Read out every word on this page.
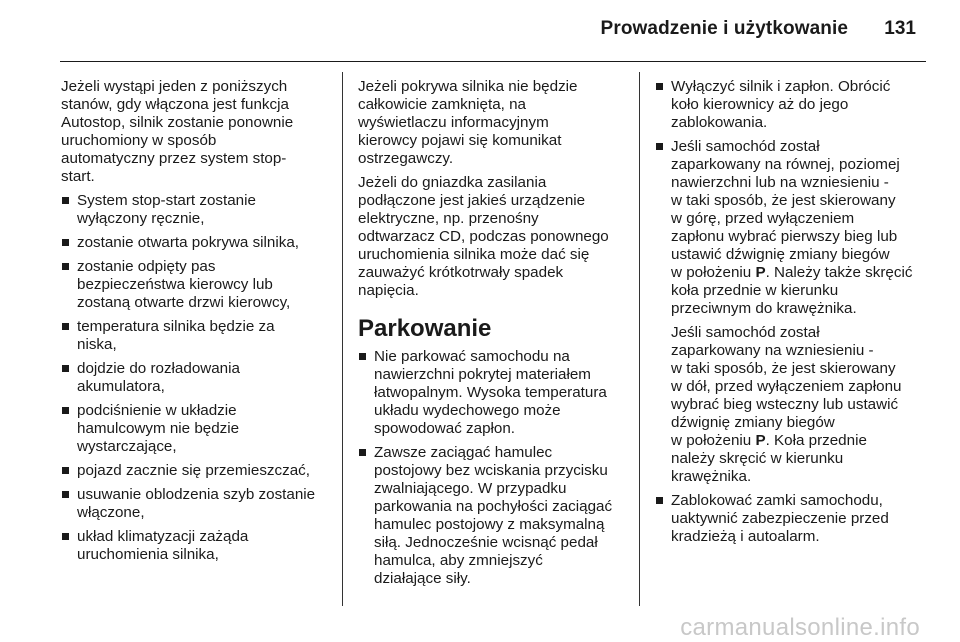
Prowadzenie i użytkowanie 131

Jeżeli wystąpi jeden z poniższych
stanów, gdy włączona jest funkcja
Autostop, silnik zostanie ponownie
uruchomiony w sposób
automatyczny przez system stop-
start.

System stop-start zostanie
wyłączony ręcznie,
zostanie otwarta pokrywa silnika,
zostanie odpięty pas
bezpieczeństwa kierowcy lub
zostaną otwarte drzwi kierowcy,
temperatura silnika będzie za
niska,
dojdzie do rozładowania
akumulatora,
podciśnienie w układzie
hamulcowym nie będzie
wystarczające,
pojazd zacznie się przemieszczać,
usuwanie oblodzenia szyb zostanie
włączone,
układ klimatyzacji zażąda
uruchomienia silnika,

Jeżeli pokrywa silnika nie będzie
całkowicie zamknięta, na
wyświetlaczu informacyjnym
kierowcy pojawi się komunikat
ostrzegawczy.

Jeżeli do gniazdka zasilania
podłączone jest jakieś urządzenie
elektryczne, np. przenośny
odtwarzacz CD, podczas ponownego
uruchomienia silnika może dać się
zauważyć krótkotrwały spadek
napięcia.

Parkowanie
Nie parkować samochodu na
nawierzchni pokrytej materiałem
łatwopalnym. Wysoka temperatura
układu wydechowego może
spowodować zapłon.
Zawsze zaciągać hamulec
postojowy bez wciskania przycisku
zwalniającego. W przypadku
parkowania na pochyłości zaciągać
hamulec postojowy z maksymalną
siłą. Jednocześnie wcisnąć pedał
hamulca, aby zmniejszyć
działające siły.
Wyłączyć silnik i zapłon. Obrócić
koło kierownicy aż do jego
zablokowania.
Jeśli samochód został
zaparkowany na równej, poziomej
nawierzchni lub na wzniesieniu -
w taki sposób, że jest skierowany
w górę, przed wyłączeniem
zapłonu wybrać pierwszy bieg lub
ustawić dźwignię zmiany biegów
w położeniu P. Należy także skręcić
koła przednie w kierunku
przeciwnym do krawężnika.
Jeśli samochód został
zaparkowany na wzniesieniu -
w taki sposób, że jest skierowany
w dół, przed wyłączeniem zapłonu
wybrać bieg wsteczny lub ustawić
dźwignię zmiany biegów
w położeniu P. Koła przednie
należy skręcić w kierunku
krawężnika.
Zablokować zamki samochodu,
uaktywnić zabezpieczenie przed
kradzieżą i autoalarm.
carmanualsonline.info
